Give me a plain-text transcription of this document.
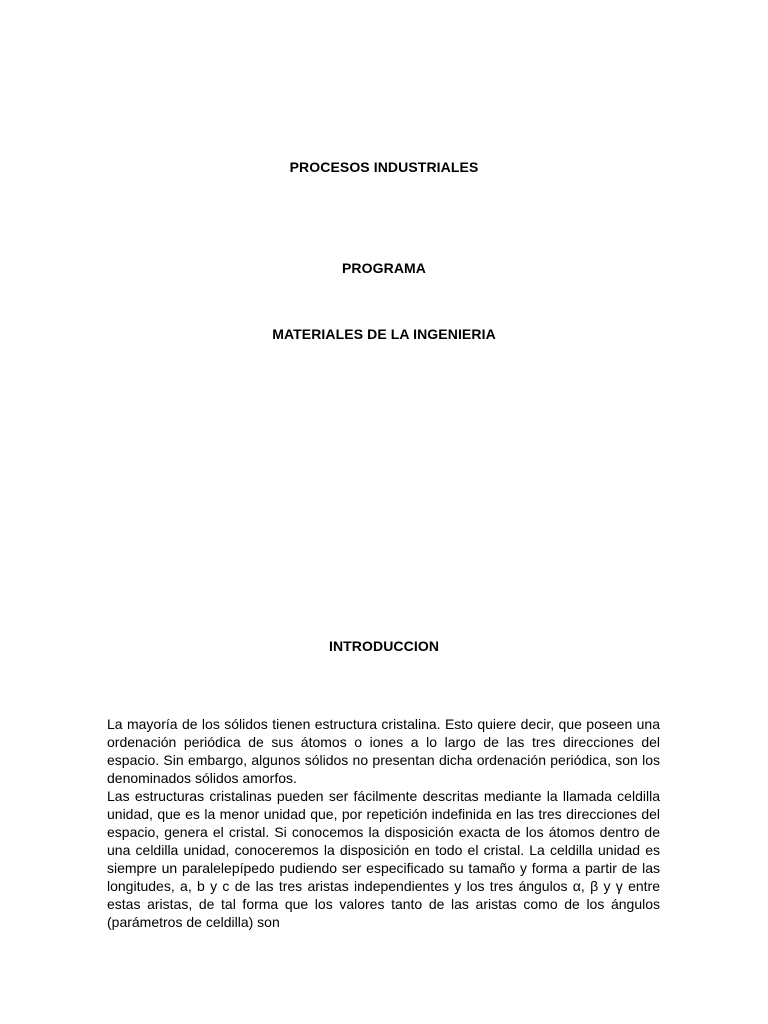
PROCESOS INDUSTRIALES
PROGRAMA
MATERIALES DE LA INGENIERIA
INTRODUCCION

La mayoría de los sólidos tienen estructura cristalina. Esto quiere decir, que poseen una ordenación periódica de sus átomos o iones a lo largo de las tres direcciones del espacio. Sin embargo, algunos sólidos no presentan dicha ordenación periódica, son los denominados sólidos amorfos.

Las estructuras cristalinas pueden ser fácilmente descritas mediante la llamada celdilla unidad, que es la menor unidad que, por repetición indefinida en las tres direcciones del espacio, genera el cristal. Si conocemos la disposición exacta de los átomos dentro de una celdilla unidad, conoceremos la disposición en todo el cristal. La celdilla unidad es siempre un paralelepípedo pudiendo ser especificado su tamaño y forma a partir de las longitudes, a, b y c de las tres aristas independientes y los tres ángulos α, β y γ entre estas aristas, de tal forma que los valores tanto de las aristas como de los ángulos (parámetros de celdilla) son
